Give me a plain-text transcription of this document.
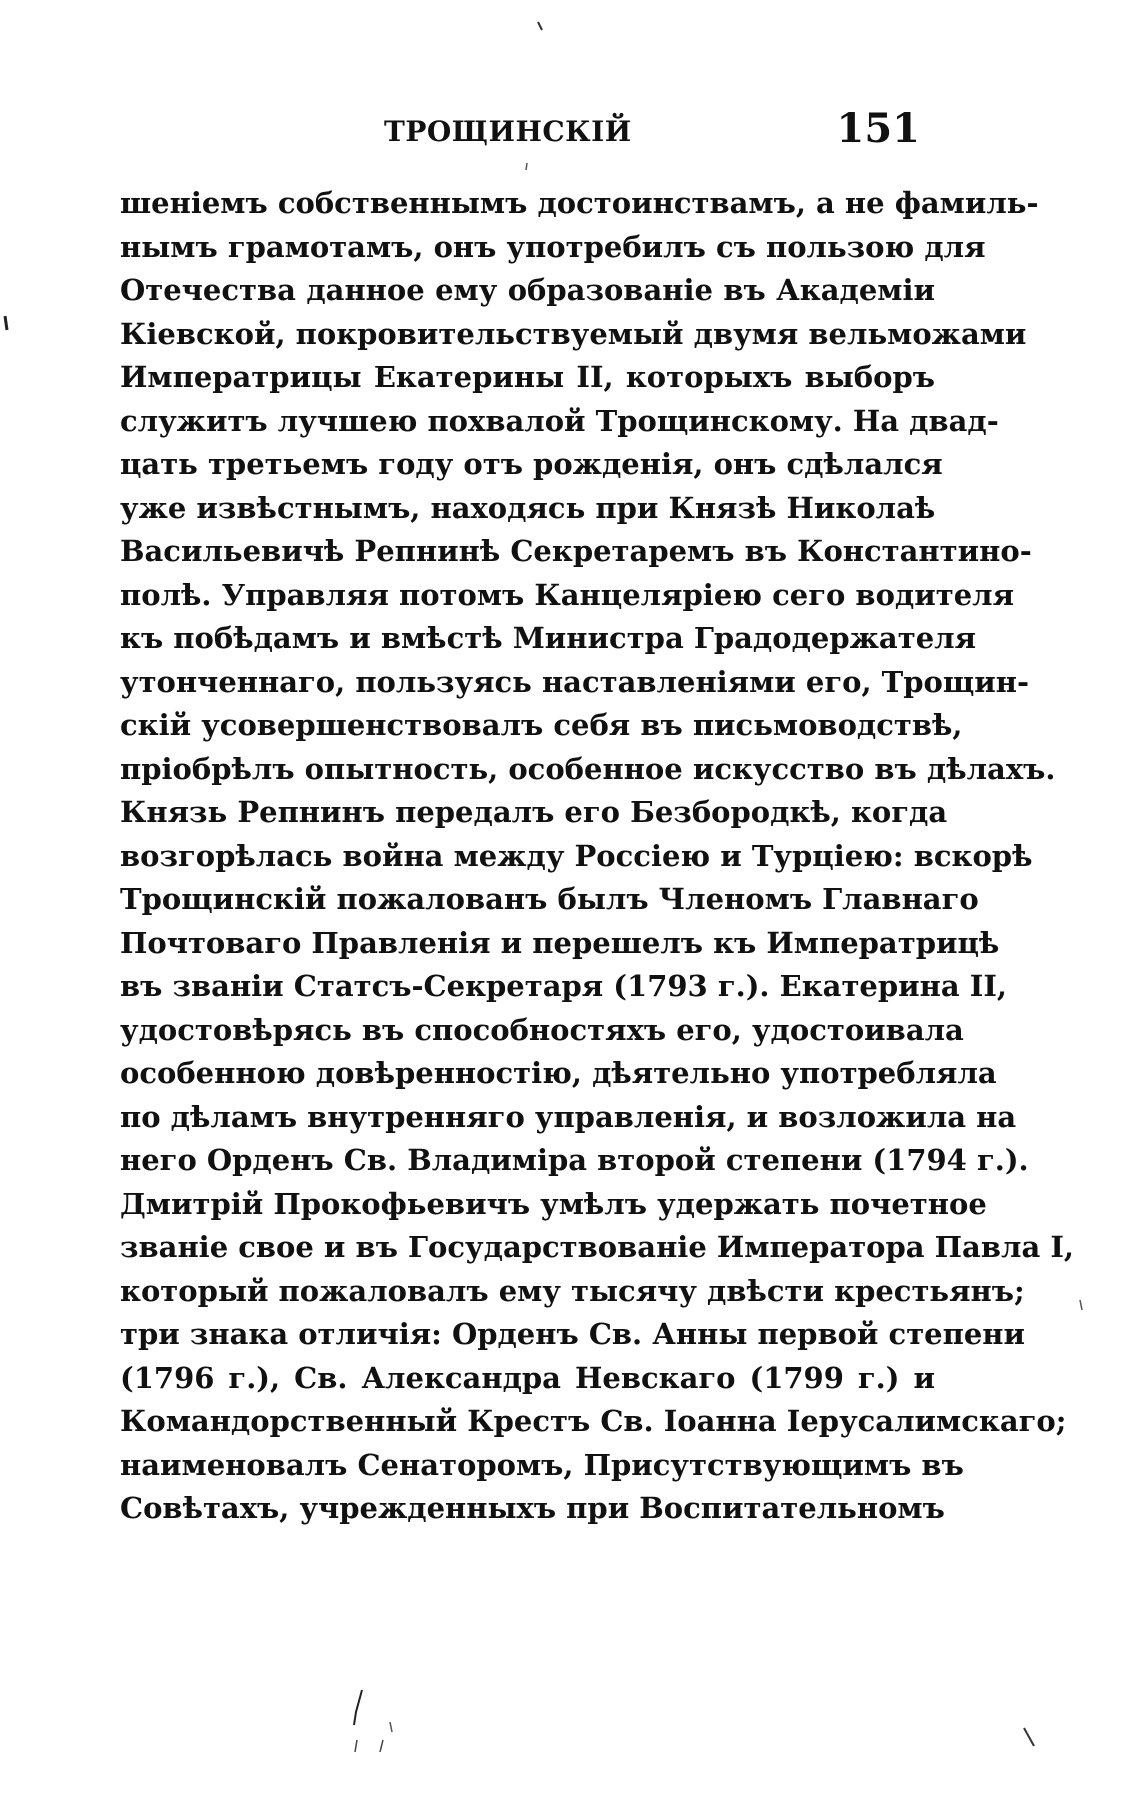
ТРОЩИНСКІЙ	151
шеніемъ собственнымъ достоинствамъ, а не фамиль-
нымъ грамотамъ, онъ употребилъ съ пользою для
Отечества данное ему образованіе въ Академіи
Кіевской, покровительствуемый двумя вельможами
Императрицы Екатерины II, которыхъ выборъ
служитъ лучшею похвалой Трощинскому. На двад-
цать третьемъ году отъ рожденія, онъ сдѣлался
уже извѣстнымъ, находясь при Князѣ Николаѣ
Васильевичѣ Репнинѣ Секретаремъ въ Константино-
полѣ. Управляя потомъ Канцеляріею сего водителя
къ побѣдамъ и вмѣстѣ Министра Градодержателя
утонченнаго, пользуясь наставленіями его, Трощин-
скій усовершенствовалъ себя въ письмоводствѣ,
пріобрѣлъ опытность, особенное искусство въ дѣлахъ.
Князь Репнинъ передалъ его Безбородкѣ, когда
возгорѣлась война между Россіею и Турціею: вскорѣ
Трощинскій пожалованъ былъ Членомъ Главнаго
Почтоваго Правленія и перешелъ къ Императрицѣ
въ званіи Статсъ-Секретаря (1793 г.). Екатерина II,
удостовѣрясь въ способностяхъ его, удостоивала
особенною довѣренностію, дѣятельно употребляла
по дѣламъ внутренняго управленія, и возложила на
него Орденъ Св. Владиміра второй степени (1794 г.).
Дмитрій Прокофьевичъ умѣлъ удержать почетное
званіе свое и въ Государствованіе Императора Павла I,
который пожаловалъ ему тысячу двѣсти крестьянъ;
три знака отличія: Орденъ Св. Анны первой степени
(1796 г.), Св. Александра Невскаго (1799 г.) и
Командорственный Крестъ Св. Іоанна Іерусалимскаго;
наименовалъ Сенаторомъ, Присутствующимъ въ
Совѣтахъ, учрежденныхъ при Воспитательномъ
